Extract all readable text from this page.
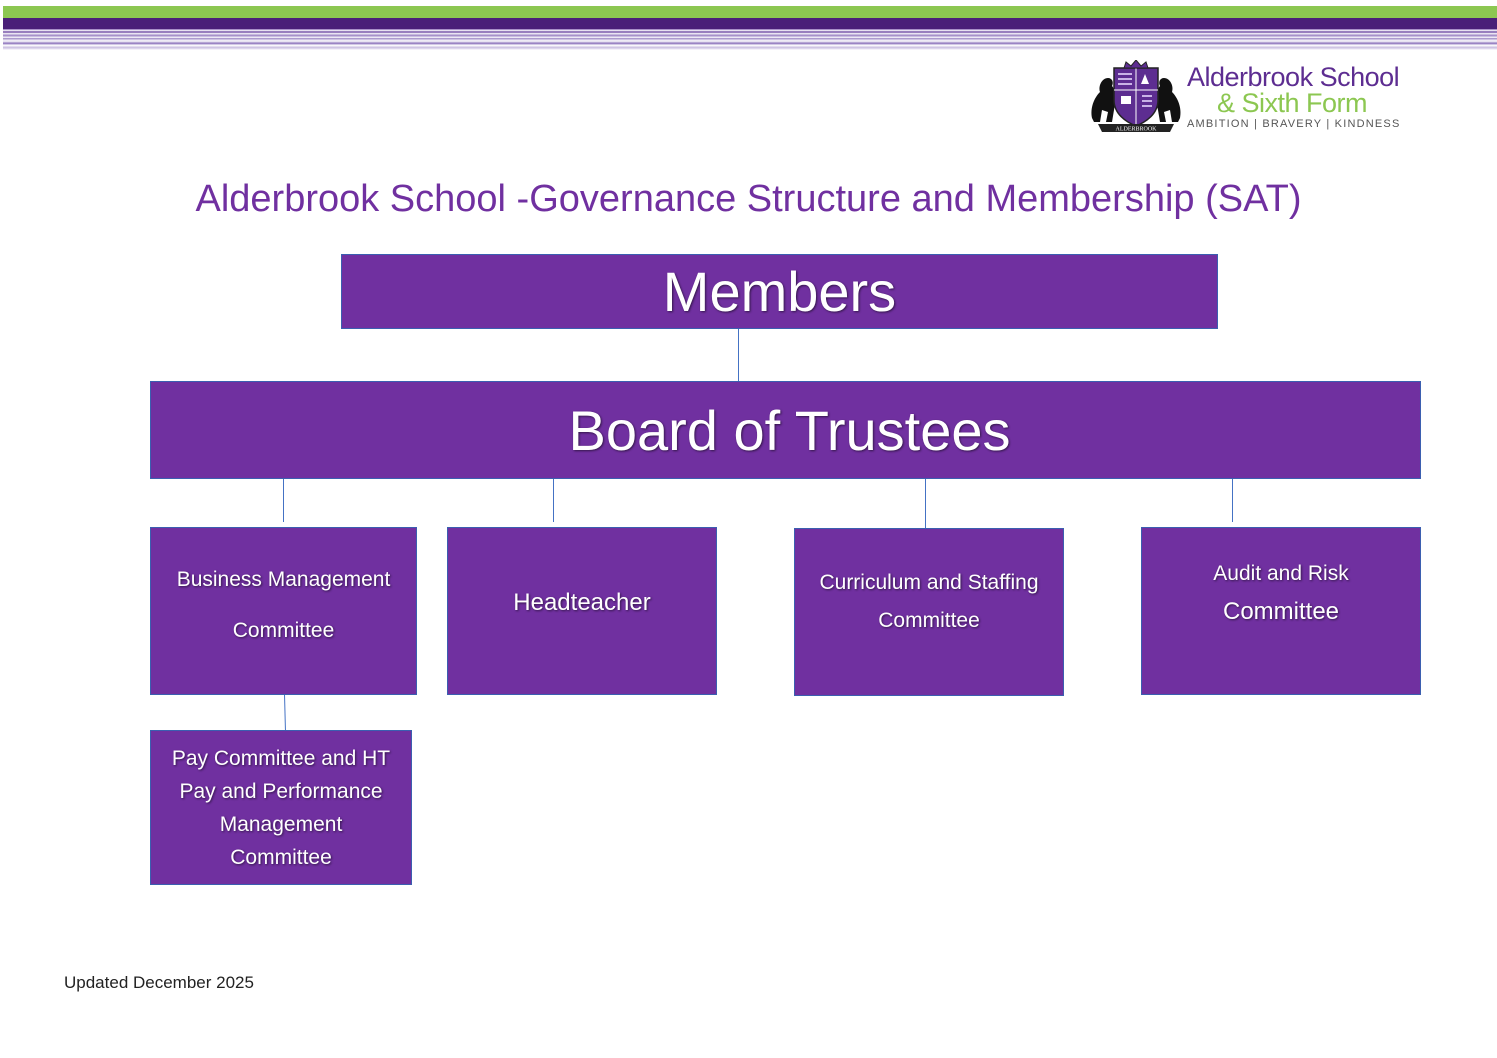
ALDERBROOK
Alderbrook School
& Sixth Form
AMBITION | BRAVERY | KINDNESS
Alderbrook School -Governance Structure and Membership (SAT)
Members
Board of Trustees
Business Management
Committee
Headteacher
Curriculum and Staffing
Committee
Audit and Risk
Committee
Pay Committee and HT
Pay and Performance
Management
Committee
Updated December 2025
